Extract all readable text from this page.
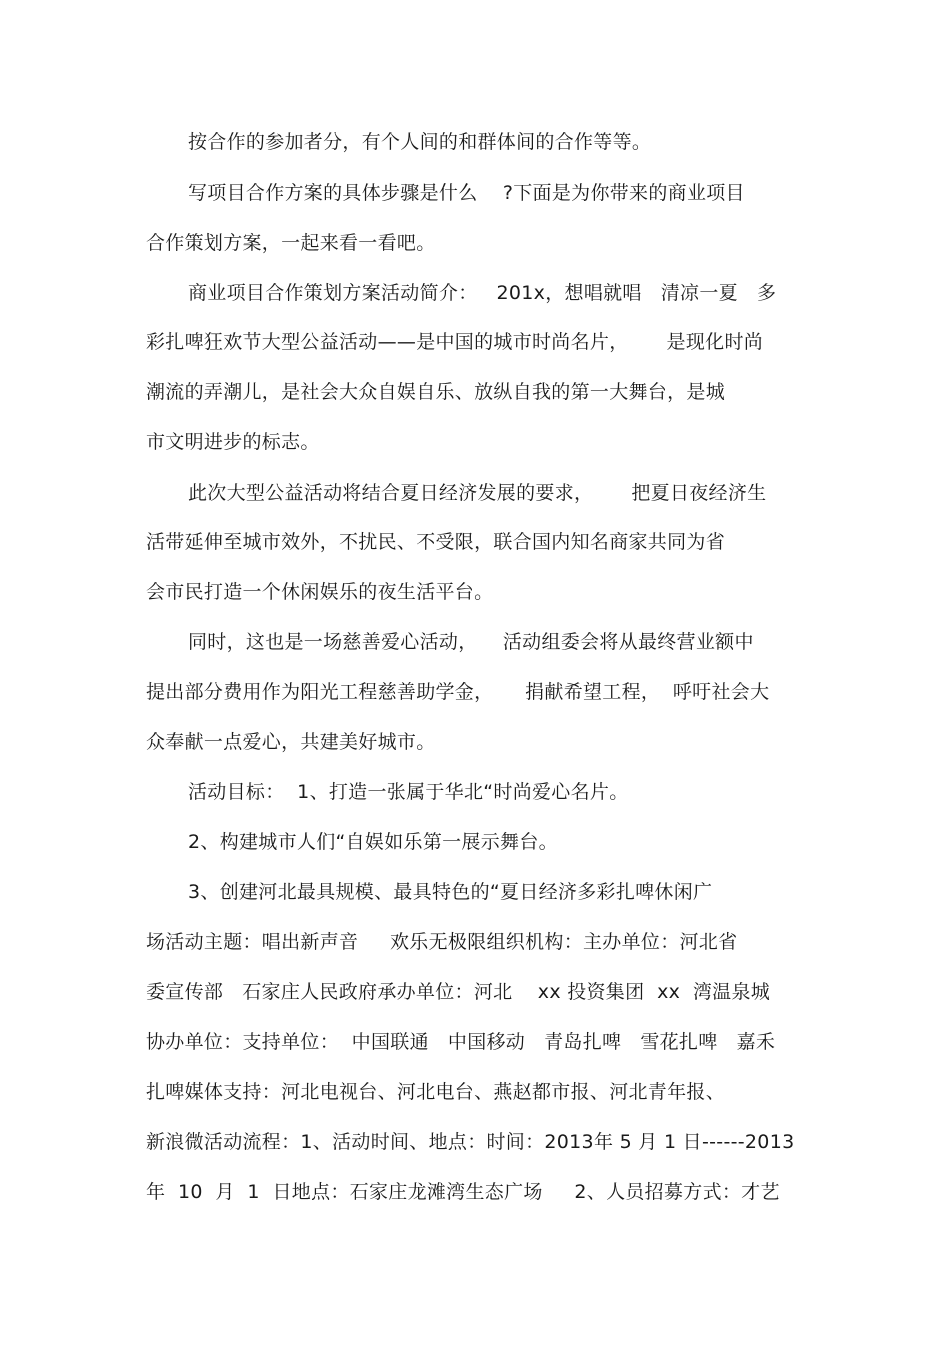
按合作的参加者分，有个人间的和群体间的合作等等。
写项目合作方案的具体步骤是什么    ?下面是为你带来的商业项目
合作策划方案，一起来看一看吧。
商业项目合作策划方案活动简介：   201x，想唱就唱   清凉一夏   多
彩扎啤狂欢节大型公益活动——是中国的城市时尚名片，      是现化时尚
潮流的弄潮儿，是社会大众自娱自乐、放纵自我的第一大舞台，是城
市文明进步的标志。
此次大型公益活动将结合夏日经济发展的要求，      把夏日夜经济生
活带延伸至城市效外，不扰民、不受限，联合国内知名商家共同为省
会市民打造一个休闲娱乐的夜生活平台。
同时，这也是一场慈善爱心活动，    活动组委会将从最终营业额中
提出部分费用作为阳光工程慈善助学金，     捐献希望工程，  呼吁社会大
众奉献一点爱心，共建美好城市。
活动目标：  1、打造一张属于华北“时尚爱心名片。
2、构建城市人们“自娱如乐第一展示舞台。
3、创建河北最具规模、最具特色的“夏日经济多彩扎啤休闲广
场活动主题：唱出新声音     欢乐无极限组织机构：主办单位：河北省
委宣传部   石家庄人民政府承办单位：河北    xx 投资集团  xx  湾温泉城
协办单位：支持单位：  中国联通   中国移动   青岛扎啤   雪花扎啤   嘉禾
扎啤媒体支持：河北电视台、河北电台、燕赵都市报、河北青年报、
新浪微活动流程：1、活动时间、地点：时间：2013年 5 月 1 日------2013
年  10  月  1  日地点：石家庄龙滩湾生态广场     2、人员招募方式：才艺
